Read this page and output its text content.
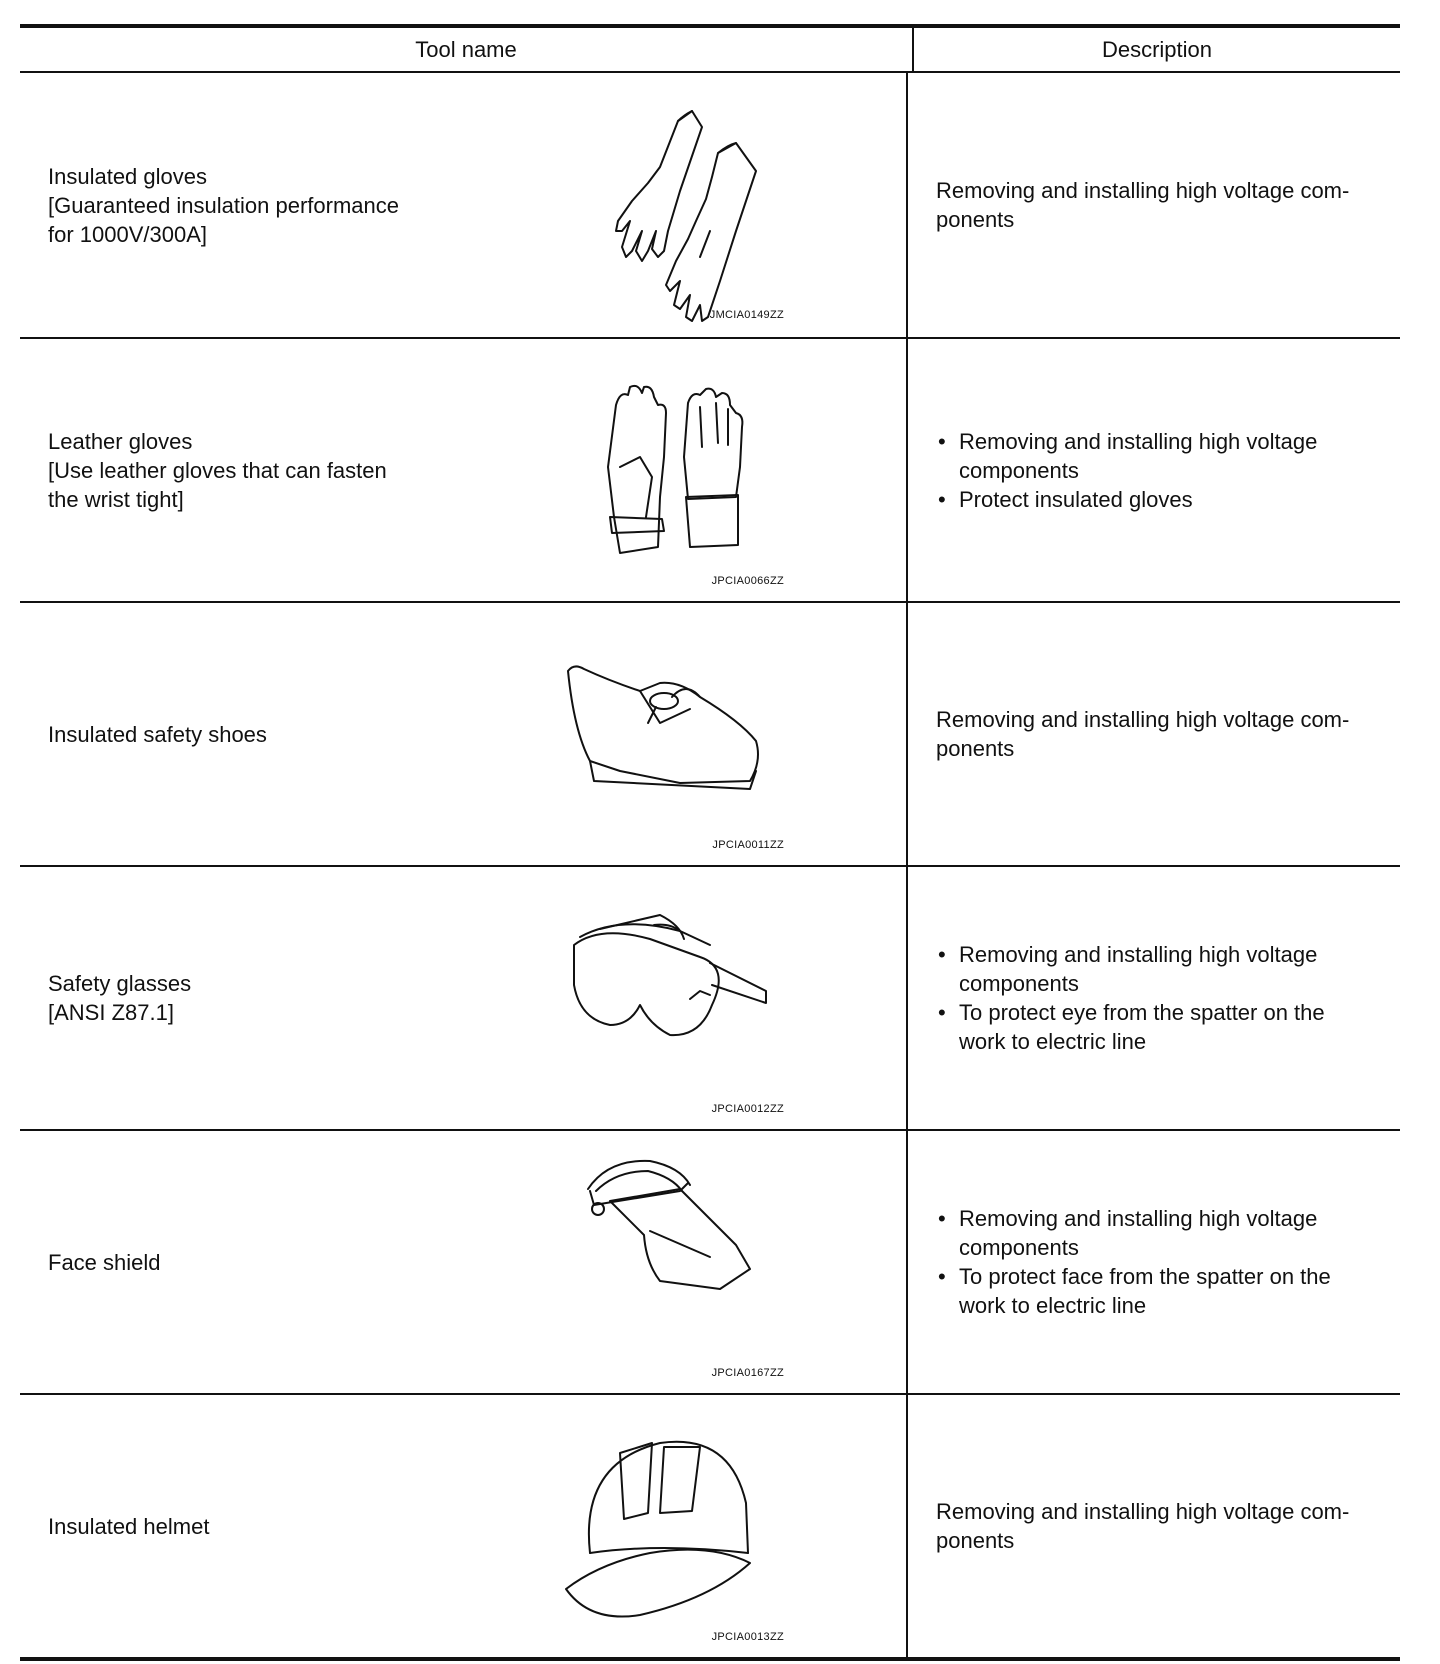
Tool name	Description
Insulated gloves
[Guaranteed insulation performance
for 1000V/300A]
JMCIA0149ZZ
Removing and installing high voltage com-
ponents
Leather gloves
[Use leather gloves that can fasten
the wrist tight]
JPCIA0066ZZ
• Removing and installing high voltage components
• Protect insulated gloves
Insulated safety shoes
JPCIA0011ZZ
Removing and installing high voltage com-
ponents
Safety glasses
[ANSI Z87.1]
JPCIA0012ZZ
• Removing and installing high voltage components
• To protect eye from the spatter on the work to electric line
Face shield
JPCIA0167ZZ
• Removing and installing high voltage components
• To protect face from the spatter on the work to electric line
Insulated helmet
JPCIA0013ZZ
Removing and installing high voltage com-
ponents
